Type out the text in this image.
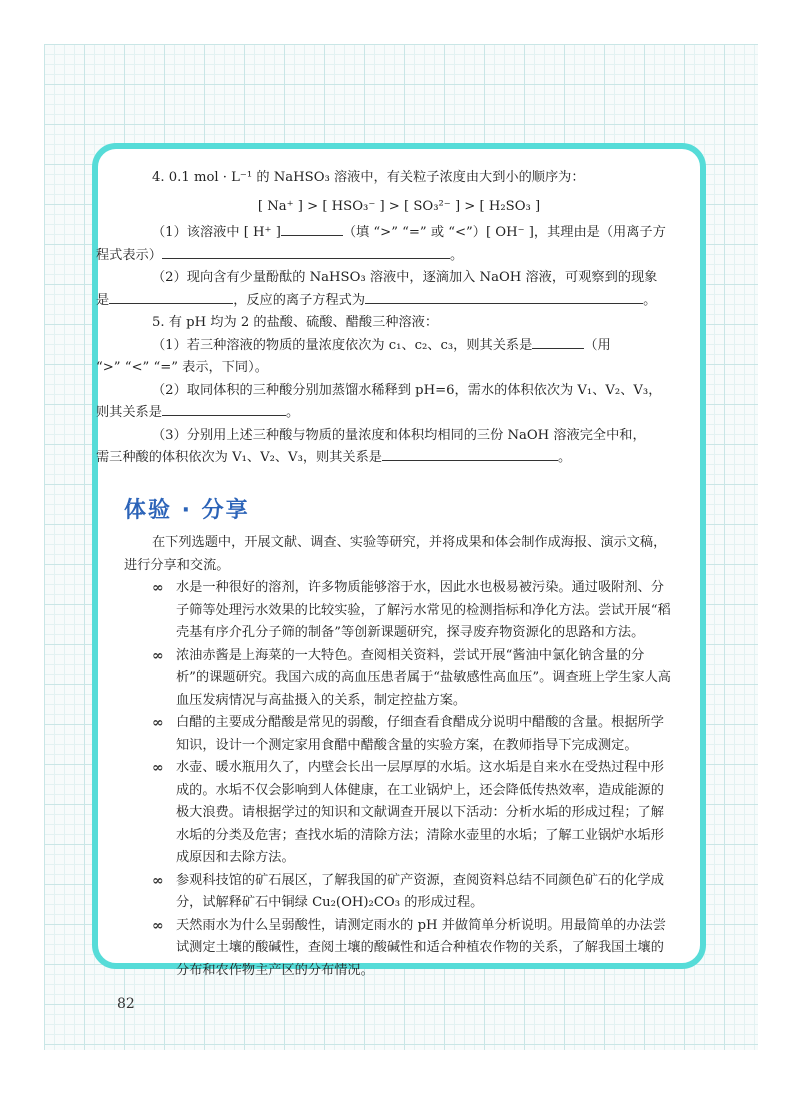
4. 0.1 mol · L⁻¹ 的 NaHSO₃ 溶液中，有关粒子浓度由大到小的顺序为：

[ Na⁺ ] > [ HSO₃⁻ ] > [ SO₃²⁻ ] > [ H₂SO₃ ]

（1）该溶液中 [ H⁺ ]	（填 “>” “=” 或 “<”）[ OH⁻ ]，其理由是（用离子方
程式表示）	。

（2）现向含有少量酚酞的 NaHSO₃ 溶液中，逐滴加入 NaOH 溶液，可观察到的现象
是	，反应的离子方程式为	。

5. 有 pH 均为 2 的盐酸、硫酸、醋酸三种溶液：

（1）若三种溶液的物质的量浓度依次为 c₁、c₂、c₃，则其关系是	（用
“>” “<” “=” 表示，下同）。

（2）取同体积的三种酸分别加蒸馏水稀释到 pH=6，需水的体积依次为 V₁、V₂、V₃，
则其关系是	。

（3）分别用上述三种酸与物质的量浓度和体积均相同的三份 NaOH 溶液完全中和，
需三种酸的体积依次为 V₁、V₂、V₃，则其关系是	。

体验 · 分享

在下列选题中，开展文献、调查、实验等研究，并将成果和体会制作成海报、演示文稿，进行分享和交流。

∞ 水是一种很好的溶剂，许多物质能够溶于水，因此水也极易被污染。通过吸附剂、分子筛等处理污水效果的比较实验，了解污水常见的检测指标和净化方法。尝试开展“稻壳基有序介孔分子筛的制备”等创新课题研究，探寻废弃物资源化的思路和方法。
∞ 浓油赤酱是上海菜的一大特色。查阅相关资料，尝试开展“酱油中氯化钠含量的分析”的课题研究。我国六成的高血压患者属于“盐敏感性高血压”。调查班上学生家人高血压发病情况与高盐摄入的关系，制定控盐方案。
∞ 白醋的主要成分醋酸是常见的弱酸，仔细查看食醋成分说明中醋酸的含量。根据所学知识，设计一个测定家用食醋中醋酸含量的实验方案，在教师指导下完成测定。
∞ 水壶、暖水瓶用久了，内壁会长出一层厚厚的水垢。这水垢是自来水在受热过程中形成的。水垢不仅会影响到人体健康，在工业锅炉上，还会降低传热效率，造成能源的极大浪费。请根据学过的知识和文献调查开展以下活动：分析水垢的形成过程；了解水垢的分类及危害；查找水垢的清除方法；清除水壶里的水垢；了解工业锅炉水垢形成原因和去除方法。
∞ 参观科技馆的矿石展区，了解我国的矿产资源，查阅资料总结不同颜色矿石的化学成分，试解释矿石中铜绿 Cu₂(OH)₂CO₃ 的形成过程。
∞ 天然雨水为什么呈弱酸性，请测定雨水的 pH 并做简单分析说明。用最简单的办法尝试测定土壤的酸碱性，查阅土壤的酸碱性和适合种植农作物的关系，了解我国土壤的分布和农作物主产区的分布情况。
82
